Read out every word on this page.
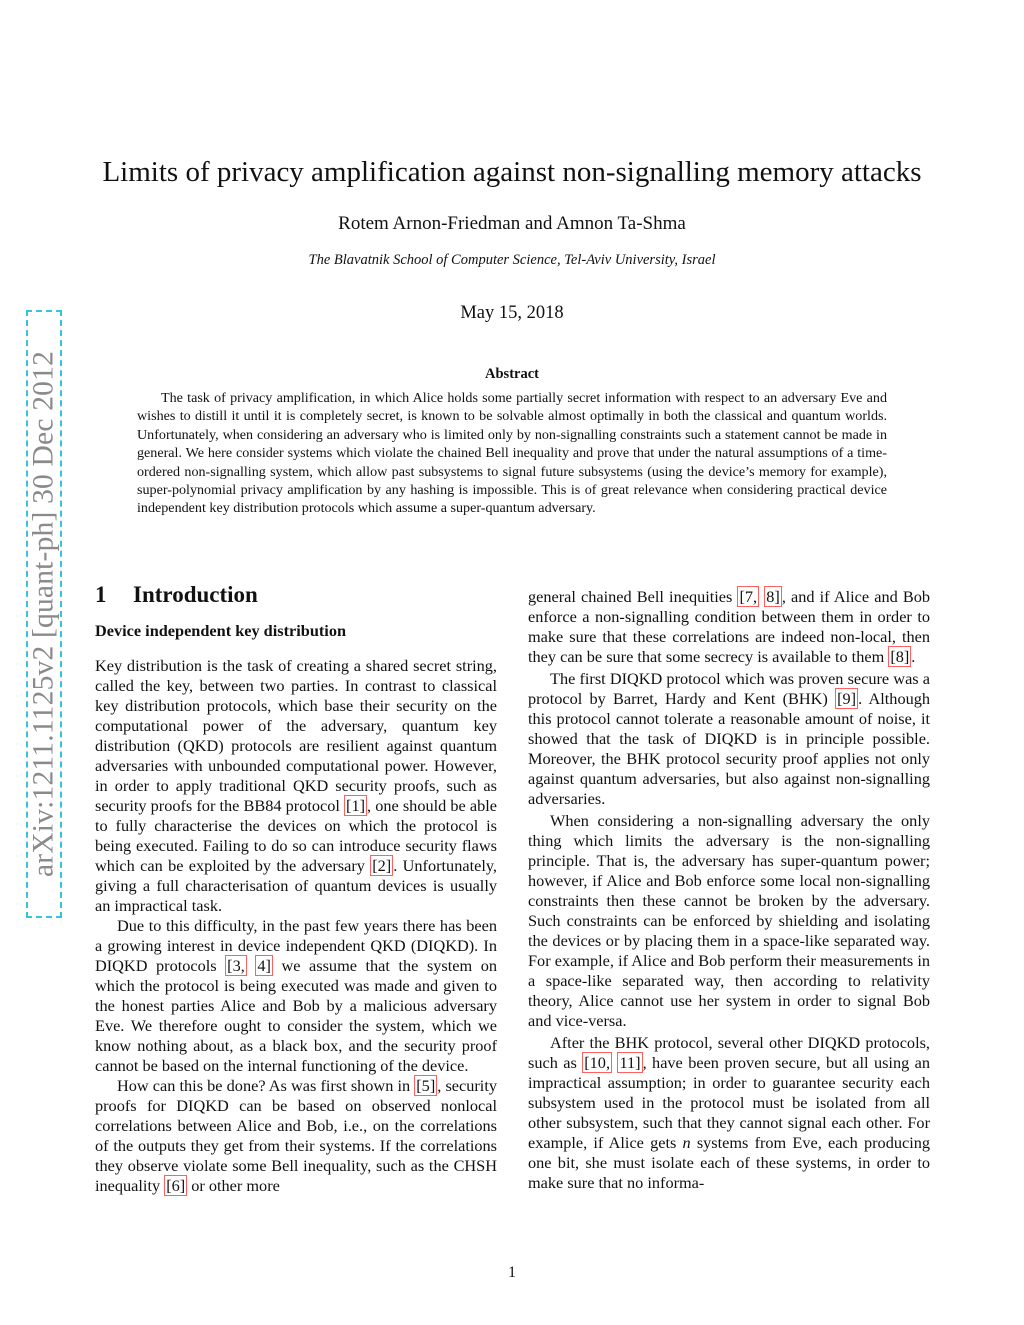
arXiv:1211.1125v2 [quant-ph] 30 Dec 2012
Limits of privacy amplification against non-signalling memory attacks
Rotem Arnon-Friedman and Amnon Ta-Shma
The Blavatnik School of Computer Science, Tel-Aviv University, Israel
May 15, 2018
Abstract

The task of privacy amplification, in which Alice holds some partially secret information with respect to an adversary Eve and wishes to distill it until it is completely secret, is known to be solvable almost optimally in both the classical and quantum worlds. Unfortunately, when considering an adversary who is limited only by non-signalling constraints such a statement cannot be made in general. We here consider systems which violate the chained Bell inequality and prove that under the natural assumptions of a time-ordered non-signalling system, which allow past subsystems to signal future subsystems (using the device’s memory for example), super-polynomial privacy amplification by any hashing is impossible. This is of great relevance when considering practical device independent key distribution protocols which assume a super-quantum adversary.

1 Introduction
Device independent key distribution

Key distribution is the task of creating a shared secret string, called the key, between two parties. In contrast to classical key distribution protocols, which base their security on the computational power of the adversary, quantum key distribution (QKD) protocols are resilient against quantum adversaries with unbounded computational power. However, in order to apply traditional QKD security proofs, such as security proofs for the BB84 protocol [1] , one should be able to fully characterise the devices on which the protocol is being executed. Failing to do so can introduce security flaws which can be exploited by the adversary [2] . Unfortunately, giving a full characterisation of quantum devices is usually an impractical task.

Due to this difficulty, in the past few years there has been a growing interest in device independent QKD (DIQKD). In DIQKD protocols [3, 4] we assume that the system on which the protocol is being executed was made and given to the honest parties Alice and Bob by a malicious adversary Eve. We therefore ought to consider the system, which we know nothing about, as a black box, and the security proof cannot be based on the internal functioning of the device.

How can this be done? As was first shown in [5] , security proofs for DIQKD can be based on observed nonlocal correlations between Alice and Bob, i.e., on the correlations of the outputs they get from their systems. If the correlations they observe violate some Bell inequality, such as the CHSH inequality [6] or other more

general chained Bell inequities [7, 8] , and if Alice and Bob enforce a non-signalling condition between them in order to make sure that these correlations are indeed non-local, then they can be sure that some secrecy is available to them [8] .

The first DIQKD protocol which was proven secure was a protocol by Barret, Hardy and Kent (BHK) [9] . Although this protocol cannot tolerate a reasonable amount of noise, it showed that the task of DIQKD is in principle possible. Moreover, the BHK protocol security proof applies not only against quantum adversaries, but also against non-signalling adversaries.

When considering a non-signalling adversary the only thing which limits the adversary is the non-signalling principle. That is, the adversary has super-quantum power; however, if Alice and Bob enforce some local non-signalling constraints then these cannot be broken by the adversary. Such constraints can be enforced by shielding and isolating the devices or by placing them in a space-like separated way. For example, if Alice and Bob perform their measurements in a space-like separated way, then according to relativity theory, Alice cannot use her system in order to signal Bob and vice-versa.

After the BHK protocol, several other DIQKD protocols, such as [10, 11] , have been proven secure, but all using an impractical assumption; in order to guarantee security each subsystem used in the protocol must be isolated from all other subsystem, such that they cannot signal each other. For example, if Alice gets n systems from Eve, each producing one bit, she must isolate each of these systems, in order to make sure that no informa-

1
